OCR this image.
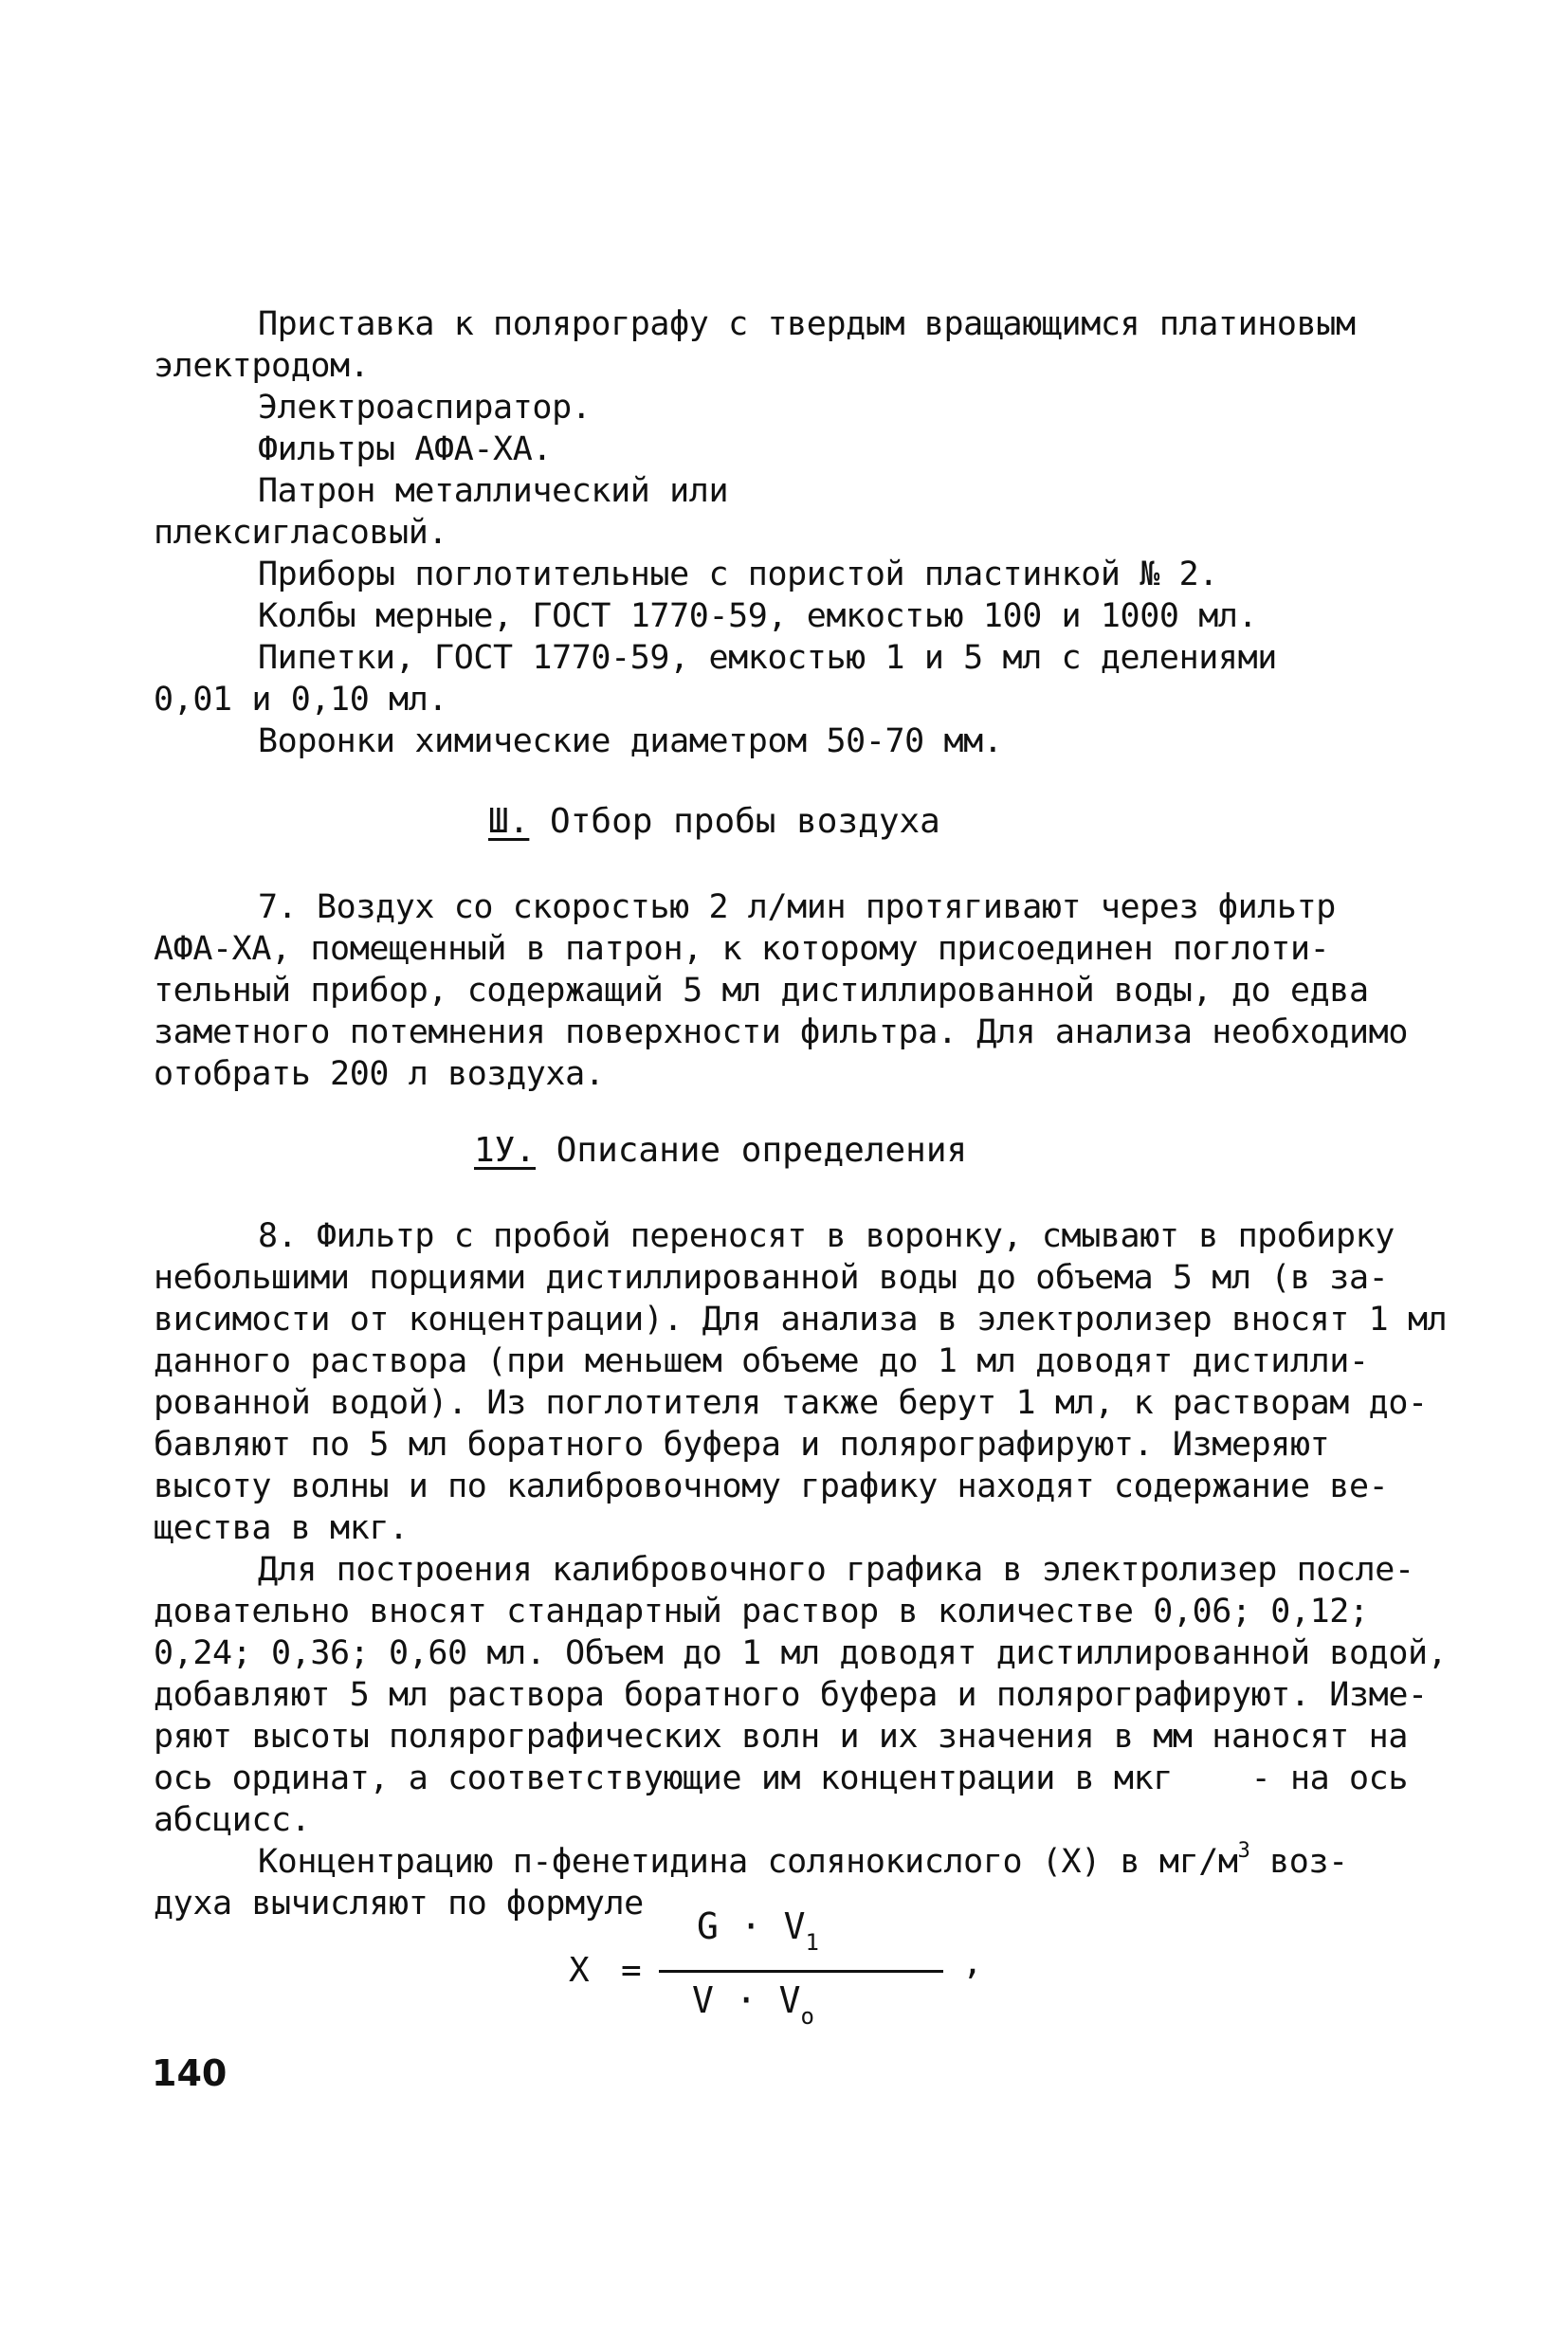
Приставка к полярографу с твердым вращающимся платиновым
электродом.
Электроаспиратор.
Фильтры АФА-ХА.
Патрон металлический или
плексигласовый.
Приборы поглотительные с пористой пластинкой № 2.
Колбы мерные, ГОСТ 1770-59, емкостью 100 и 1000 мл.
Пипетки, ГОСТ 1770-59, емкостью 1 и 5 мл с делениями
0,01 и 0,10 мл.
Воронки химические диаметром 50-70 мм.
Ш. Отбор пробы воздуха
7. Воздух со скоростью 2 л/мин протягивают через фильтр
АФА-ХА, помещенный в патрон, к которому присоединен поглоти-
тельный прибор, содержащий 5 мл дистиллированной воды, до едва
заметного потемнения поверхности фильтра. Для анализа необходимо
отобрать 200 л воздуха.
1У. Описание определения
8. Фильтр с пробой переносят в воронку, смывают в пробирку
небольшими порциями дистиллированной воды до объема 5 мл (в за-
висимости от концентрации). Для анализа в электролизер вносят 1 мл
данного раствора (при меньшем объеме до 1 мл доводят дистилли-
рованной водой). Из поглотителя также берут 1 мл, к растворам до-
бавляют по 5 мл боратного буфера и полярографируют. Измеряют
высоту волны и по калибровочному графику находят содержание ве-
щества в мкг.
Для построения калибровочного графика в электролизер после-
довательно вносят стандартный раствор в количестве 0,06; 0,12;
0,24; 0,36; 0,60 мл. Объем до 1 мл доводят дистиллированной водой,
добавляют 5 мл раствора боратного буфера и полярографируют. Изме-
ряют высоты полярографических волн и их значения в мм наносят на
ось ординат, а соответствующие им концентрации в мкг    - на ось
абсцисс.
Концентрацию п-фенетидина солянокислого (Х) в $мг/м^3$ воз-
духа вычисляют по формуле
X =
$G \cdot V_1$
$V \cdot V_o$
,
140
